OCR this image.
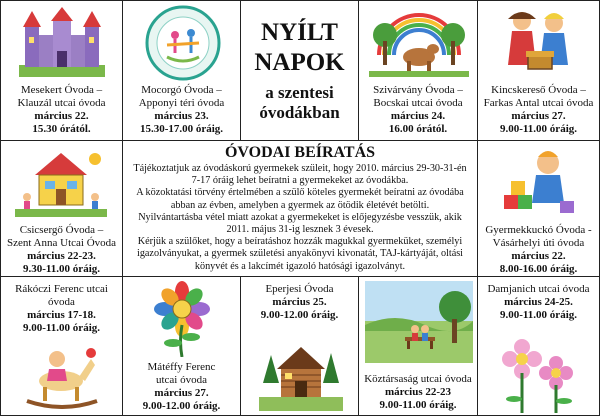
Mesekert Óvoda –
Klauzál utcai óvoda
március 22.
15.30 órától.
Mocorgó Óvoda –
Apponyi téri óvoda
március 23.
15.30-17.00 óráig.
NYÍLT
NAPOK
a szentesi
óvodákban
Szivárvány Óvoda –
Bocskai utcai óvoda
március 24.
16.00 órától.
Kincskereső Óvoda –
Farkas Antal utcai óvoda
március 27.
9.00-11.00 óráig.
Csicsergő Óvoda –
Szent Anna Utcai Óvoda
március 22-23.
9.30-11.00 óráig.
ÓVODAI BEÍRATÁS

Tájékoztatjuk az óvodáskorú gyermekek szüleit, hogy 2010. március 29-30-31-én 7-17 óráig lehet beíratni a gyermekeket az óvodákba.

A közoktatási törvény értelmében a szülő köteles gyermekét beíratni az óvodába abban az évben, amelyben a gyermek az ötödik életévét betölti.

Nyilvántartásba vétel miatt azokat a gyermekeket is előjegyzésbe vesszük, akik 2011. május 31-ig lesznek 3 évesek.

Kérjük a szülőket, hogy a beíratáshoz hozzák magukkal gyermeküket, személyi igazolványukat, a gyermek születési anyakönyvi kivonatát, TAJ-kártyáját, oltási könyvét és a lakcímét igazoló hatósági igazolványt.

Gyermekkuckó Óvoda -
Vásárhelyi úti óvoda
március 22.
8.00-16.00 óráig.
Rákóczi Ferenc utcai
óvoda
március 17-18.
9.00-11.00 óráig.
Mátéffy Ferenc
utcai óvoda
március 27.
9.00-12.00 óráig.
Eperjesi Óvoda
március 25.
9.00-12.00 óráig.
Köztársaság utcai óvoda
március 22-23
9.00-11.00 óráig.
Damjanich utcai óvoda
március 24-25.
9.00-11.00 óráig.
